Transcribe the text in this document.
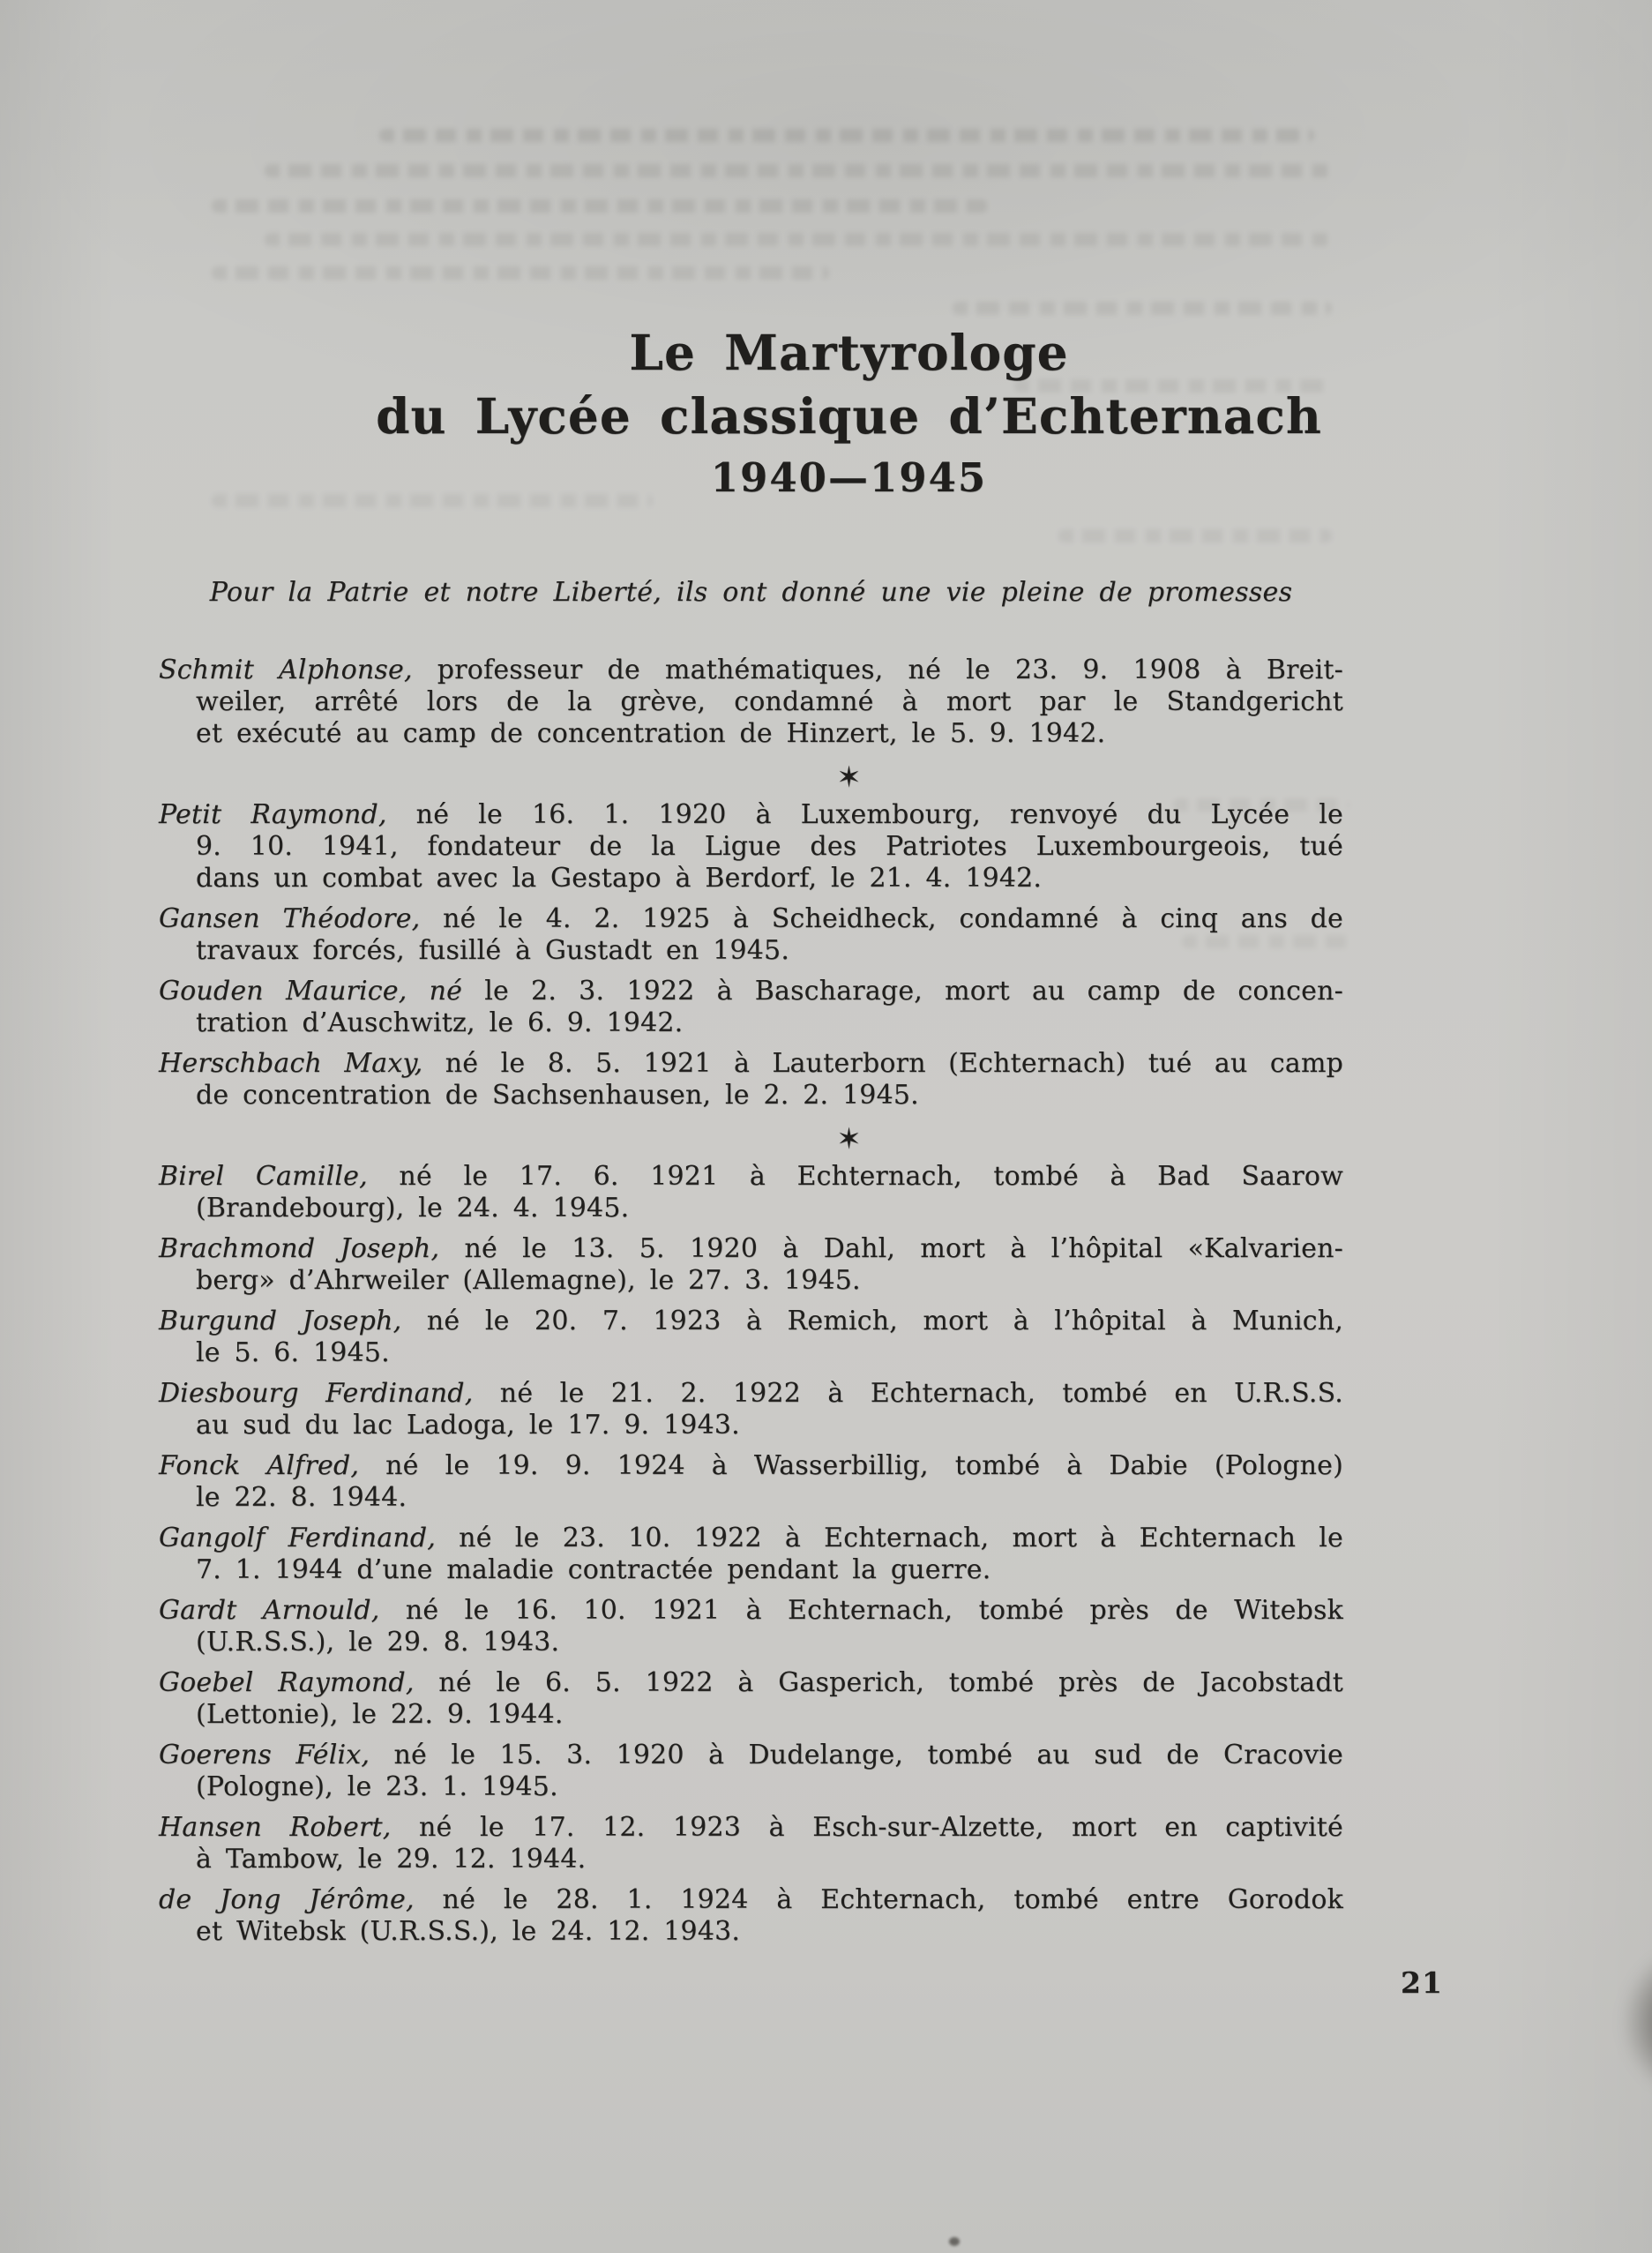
Le Martyrologe
du Lycée classique d’Echternach
1940—1945
Pour la Patrie et notre Liberté, ils ont donné une vie pleine de promesses
Schmit Alphonse, professeur de mathématiques, né le 23. 9. 1908 à Breit-
weiler, arrêté lors de la grève, condamné à mort par le Standgericht
et exécuté au camp de concentration de Hinzert, le 5. 9. 1942.
✶
Petit Raymond, né le 16. 1. 1920 à Luxembourg, renvoyé du Lycée le
9. 10. 1941, fondateur de la Ligue des Patriotes Luxembourgeois, tué
dans un combat avec la Gestapo à Berdorf, le 21. 4. 1942.
Gansen Théodore, né le 4. 2. 1925 à Scheidheck, condamné à cinq ans de
travaux forcés, fusillé à Gustadt en 1945.
Gouden Maurice, né le 2. 3. 1922 à Bascharage, mort au camp de concen-
tration d’Auschwitz, le 6. 9. 1942.
Herschbach Maxy, né le 8. 5. 1921 à Lauterborn (Echternach) tué au camp
de concentration de Sachsenhausen, le 2. 2. 1945.
✶
Birel Camille, né le 17. 6. 1921 à Echternach, tombé à Bad Saarow
(Brandebourg), le 24. 4. 1945.
Brachmond Joseph, né le 13. 5. 1920 à Dahl, mort à l’hôpital «Kalvarien-
berg» d’Ahrweiler (Allemagne), le 27. 3. 1945.
Burgund Joseph, né le 20. 7. 1923 à Remich, mort à l’hôpital à Munich,
le 5. 6. 1945.
Diesbourg Ferdinand, né le 21. 2. 1922 à Echternach, tombé en U.R.S.S.
au sud du lac Ladoga, le 17. 9. 1943.
Fonck Alfred, né le 19. 9. 1924 à Wasserbillig, tombé à Dabie (Pologne)
le 22. 8. 1944.
Gangolf Ferdinand, né le 23. 10. 1922 à Echternach, mort à Echternach le
7. 1. 1944 d’une maladie contractée pendant la guerre.
Gardt Arnould, né le 16. 10. 1921 à Echternach, tombé près de Witebsk
(U.R.S.S.), le 29. 8. 1943.
Goebel Raymond, né le 6. 5. 1922 à Gasperich, tombé près de Jacobstadt
(Lettonie), le 22. 9. 1944.
Goerens Félix, né le 15. 3. 1920 à Dudelange, tombé au sud de Cracovie
(Pologne), le 23. 1. 1945.
Hansen Robert, né le 17. 12. 1923 à Esch-sur-Alzette, mort en captivité
à Tambow, le 29. 12. 1944.
de Jong Jérôme, né le 28. 1. 1924 à Echternach, tombé entre Gorodok
et Witebsk (U.R.S.S.), le 24. 12. 1943.
21
